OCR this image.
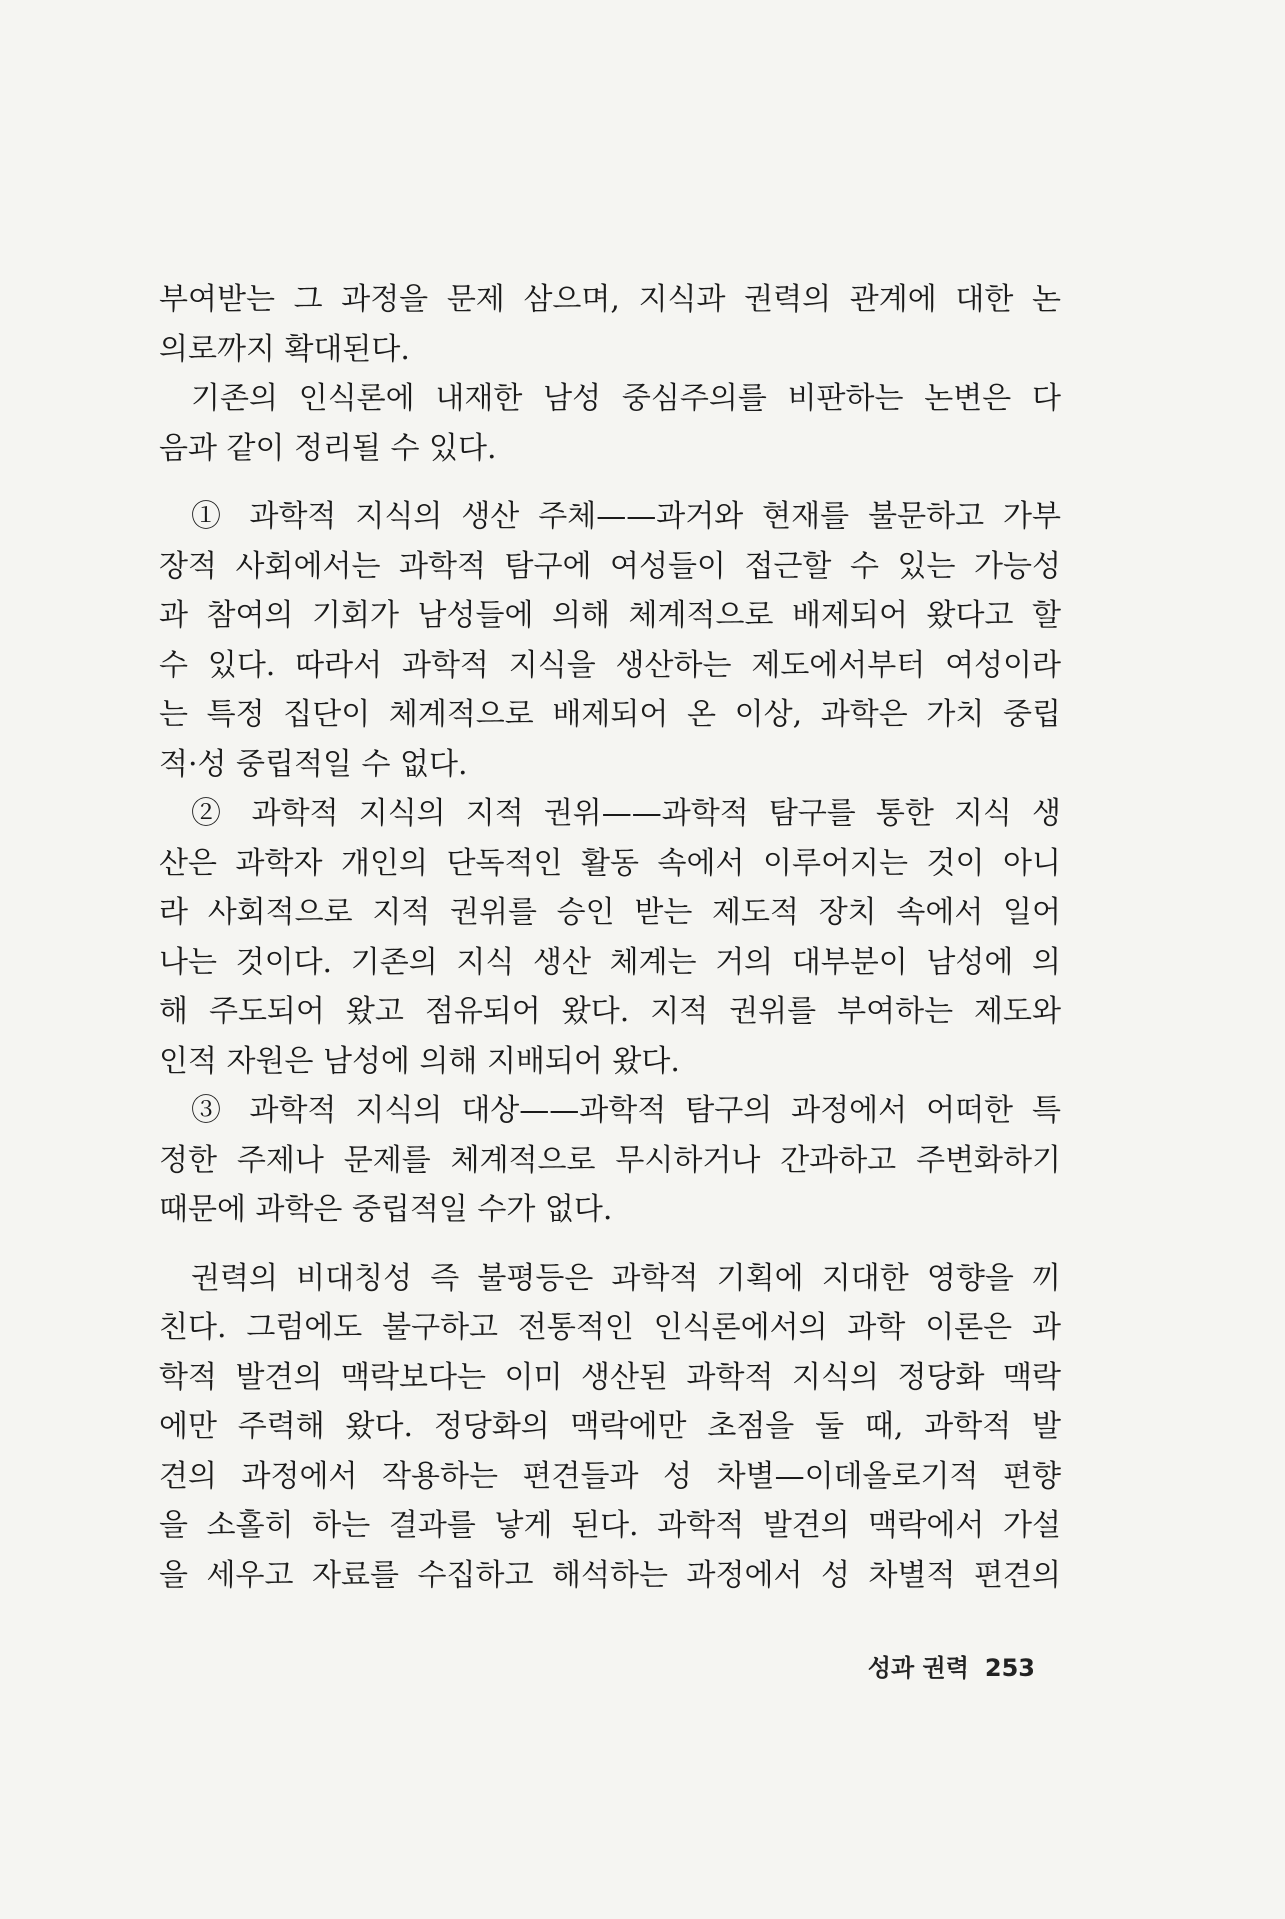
부여받는 그 과정을 문제 삼으며, 지식과 권력의 관계에 대한 논
의로까지 확대된다.
기존의 인식론에 내재한 남성 중심주의를 비판하는 논변은 다
음과 같이 정리될 수 있다.
① 과학적 지식의 생산 주체——과거와 현재를 불문하고 가부
장적 사회에서는 과학적 탐구에 여성들이 접근할 수 있는 가능성
과 참여의 기회가 남성들에 의해 체계적으로 배제되어 왔다고 할
수 있다. 따라서 과학적 지식을 생산하는 제도에서부터 여성이라
는 특정 집단이 체계적으로 배제되어 온 이상, 과학은 가치 중립
적·성 중립적일 수 없다.
② 과학적 지식의 지적 권위——과학적 탐구를 통한 지식 생
산은 과학자 개인의 단독적인 활동 속에서 이루어지는 것이 아니
라 사회적으로 지적 권위를 승인 받는 제도적 장치 속에서 일어
나는 것이다. 기존의 지식 생산 체계는 거의 대부분이 남성에 의
해 주도되어 왔고 점유되어 왔다. 지적 권위를 부여하는 제도와
인적 자원은 남성에 의해 지배되어 왔다.
③ 과학적 지식의 대상——과학적 탐구의 과정에서 어떠한 특
정한 주제나 문제를 체계적으로 무시하거나 간과하고 주변화하기
때문에 과학은 중립적일 수가 없다.
권력의 비대칭성 즉 불평등은 과학적 기획에 지대한 영향을 끼
친다. 그럼에도 불구하고 전통적인 인식론에서의 과학 이론은 과
학적 발견의 맥락보다는 이미 생산된 과학적 지식의 정당화 맥락
에만 주력해 왔다. 정당화의 맥락에만 초점을 둘 때, 과학적 발
견의 과정에서 작용하는 편견들과 성 차별—이데올로기적 편향
을 소홀히 하는 결과를 낳게 된다. 과학적 발견의 맥락에서 가설
을 세우고 자료를 수집하고 해석하는 과정에서 성 차별적 편견의
성과 권력 253
